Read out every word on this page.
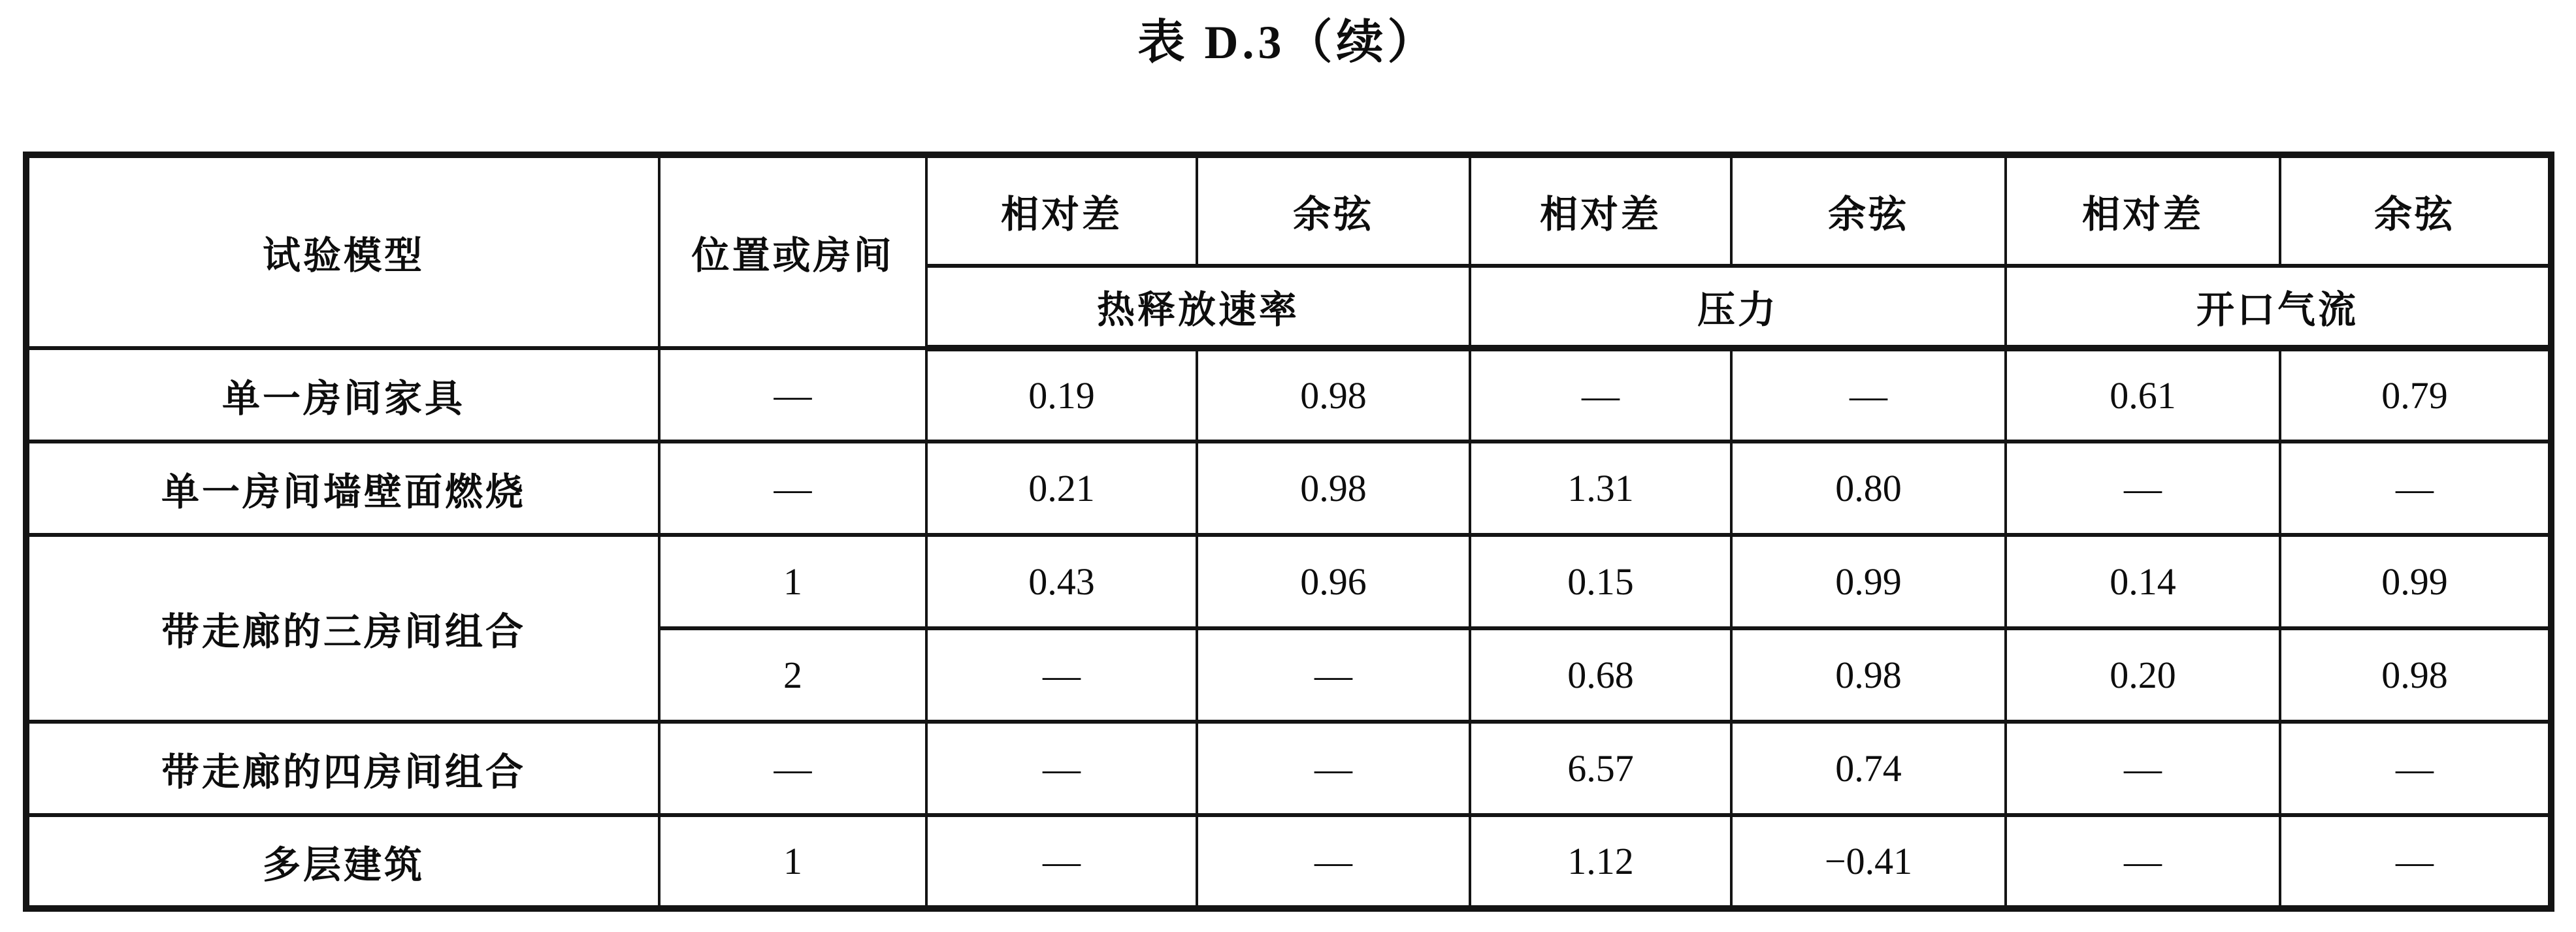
表 D.3（续）
试验模型	位置或房间	相对差	余弦	相对差	余弦	相对差	余弦
		热释放速率		压力		开口气流	
单一房间家具	—	0.19	0.98	—	—	0.61	0.79
单一房间墙壁面燃烧	—	0.21	0.98	1.31	0.80	—	—
带走廊的三房间组合	1	0.43	0.96	0.15	0.99	0.14	0.99
	2	—	—	0.68	0.98	0.20	0.98
带走廊的四房间组合	—	—	—	6.57	0.74	—	—
多层建筑	1	—	—	1.12	−0.41	—	—
